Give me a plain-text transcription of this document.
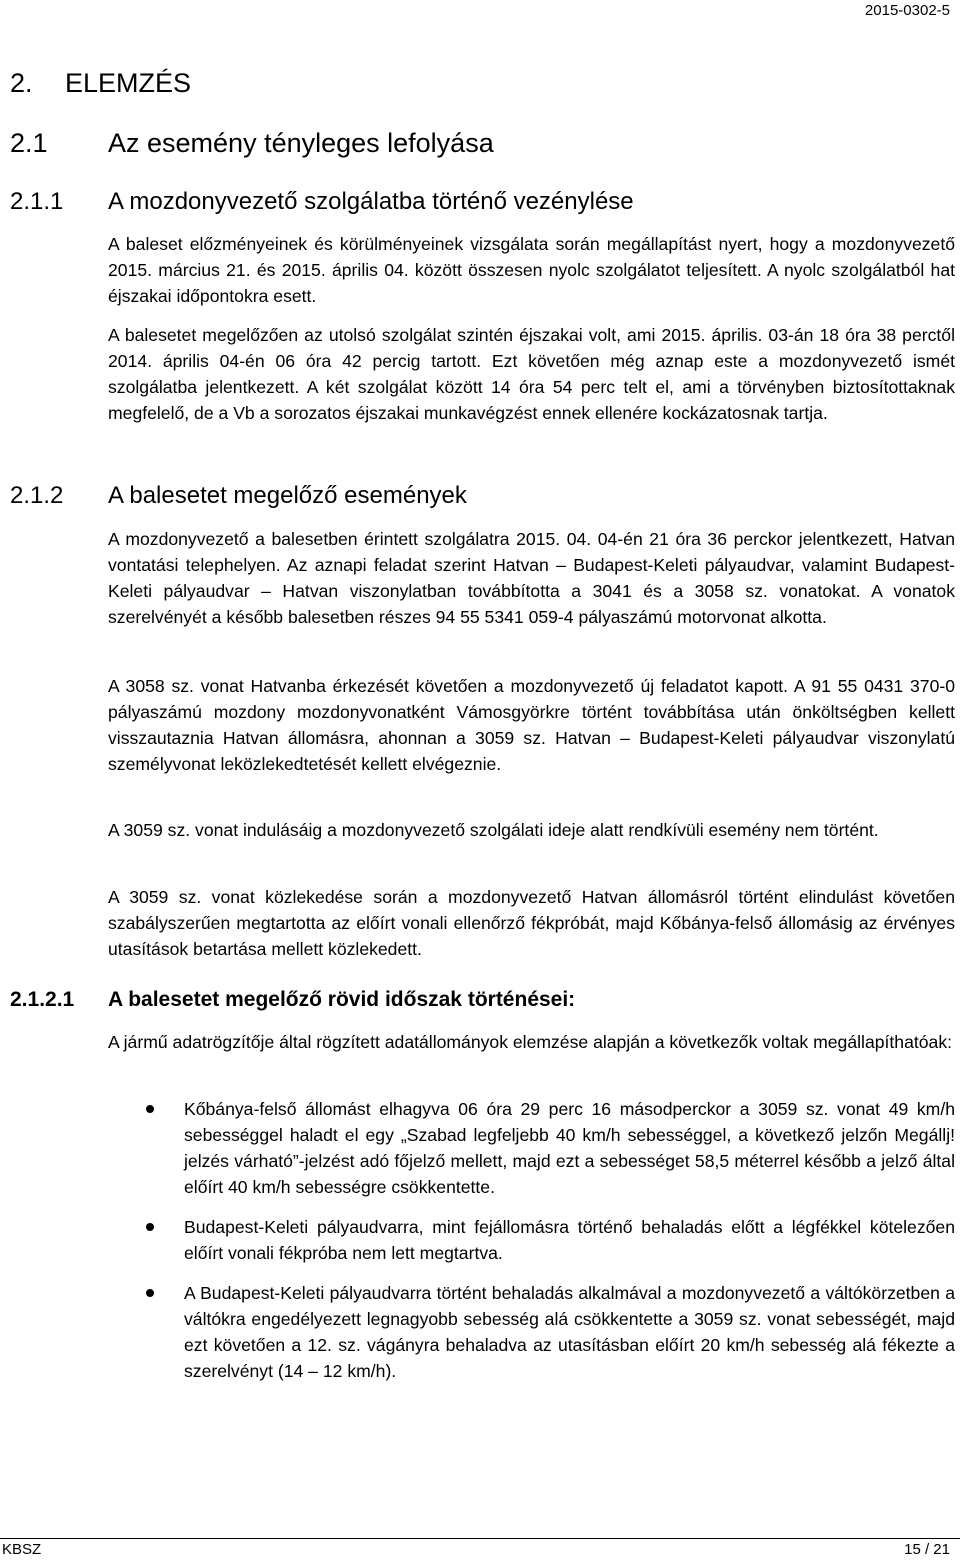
2015-0302-5
2. ELEMZÉS
2.1 Az esemény tényleges lefolyása
2.1.1 A mozdonyvezető szolgálatba történő vezénylése

A baleset előzményeinek és körülményeinek vizsgálata során megállapítást nyert, hogy a mozdonyvezető 2015. március 21. és 2015. április 04. között összesen nyolc szolgálatot teljesített. A nyolc szolgálatból hat éjszakai időpontokra esett.

A balesetet megelőzően az utolsó szolgálat szintén éjszakai volt, ami 2015. április. 03-án 18 óra 38 perctől 2014. április 04-én 06 óra 42 percig tartott. Ezt követően még aznap este a mozdonyvezető ismét szolgálatba jelentkezett. A két szolgálat között 14 óra 54 perc telt el, ami a törvényben biztosítottaknak megfelelő, de a Vb a sorozatos éjszakai munkavégzést ennek ellenére kockázatosnak tartja.

2.1.2 A balesetet megelőző események

A mozdonyvezető a balesetben érintett szolgálatra 2015. 04. 04-én 21 óra 36 perckor jelentkezett, Hatvan vontatási telephelyen. Az aznapi feladat szerint Hatvan – Budapest-Keleti pályaudvar, valamint Budapest-Keleti pályaudvar – Hatvan viszonylatban továbbította a 3041 és a 3058 sz. vonatokat. A vonatok szerelvényét a később balesetben részes 94 55 5341 059-4 pályaszámú motorvonat alkotta.

A 3058 sz. vonat Hatvanba érkezését követően a mozdonyvezető új feladatot kapott. A 91 55 0431 370-0 pályaszámú mozdony mozdonyvonatként Vámosgyörkre történt továbbítása után önköltségben kellett visszautaznia Hatvan állomásra, ahonnan a 3059 sz. Hatvan – Budapest-Keleti pályaudvar viszonylatú személyvonat leközlekedtetését kellett elvégeznie.

A 3059 sz. vonat indulásáig a mozdonyvezető szolgálati ideje alatt rendkívüli esemény nem történt.

A 3059 sz. vonat közlekedése során a mozdonyvezető Hatvan állomásról történt elindulást követően szabályszerűen megtartotta az előírt vonali ellenőrző fékpróbát, majd Kőbánya-felső állomásig az érvényes utasítások betartása mellett közlekedett.

2.1.2.1 A balesetet megelőző rövid időszak történései:

A jármű adatrögzítője által rögzített adatállományok elemzése alapján a következők voltak megállapíthatóak:

Kőbánya-felső állomást elhagyva 06 óra 29 perc 16 másodperckor a 3059 sz. vonat 49 km/h sebességgel haladt el egy „Szabad legfeljebb 40 km/h sebességgel, a következő jelzőn Megállj! jelzés várható”-jelzést adó főjelző mellett, majd ezt a sebességet 58,5 méterrel később a jelző által előírt 40 km/h sebességre csökkentette.
Budapest-Keleti pályaudvarra, mint fejállomásra történő behaladás előtt a légfékkel kötelezően előírt vonali fékpróba nem lett megtartva.
A Budapest-Keleti pályaudvarra történt behaladás alkalmával a mozdonyvezető a váltókörzetben a váltókra engedélyezett legnagyobb sebesség alá csökkentette a 3059 sz. vonat sebességét, majd ezt követően a 12. sz. vágányra behaladva az utasításban előírt 20 km/h sebesség alá fékezte a szerelvényt (14 – 12 km/h).
KBSZ	15 / 21
